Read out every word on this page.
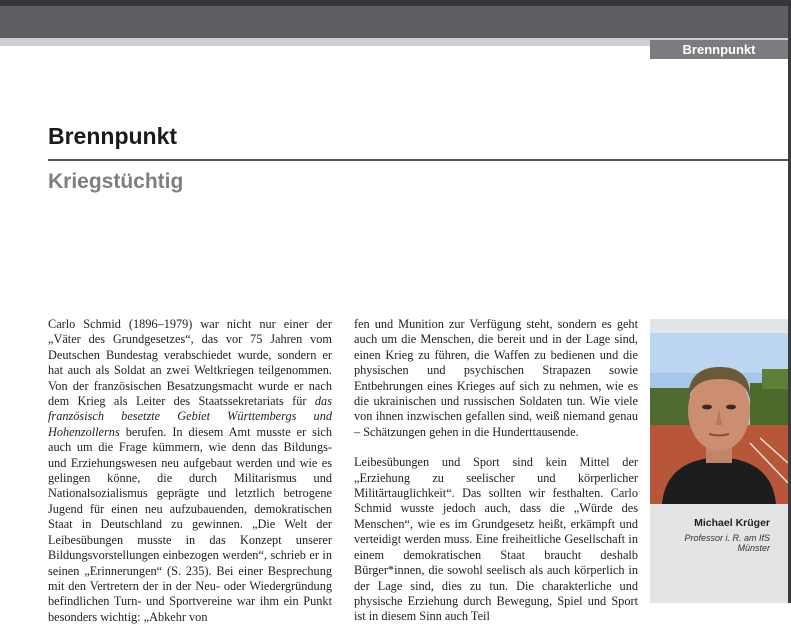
Brennpunkt
Brennpunkt
Kriegstüchtig

Carlo Schmid (1896–1979) war nicht nur einer der „Väter des Grundgesetzes“, das vor 75 Jahren vom Deutschen Bundestag verabschiedet wurde, sondern er hat auch als Soldat an zwei Weltkriegen teilgenommen. Von der französischen Besatzungsmacht wurde er nach dem Krieg als Leiter des Staatssekretariats für das französisch besetzte Gebiet Württembergs und Hohenzollerns berufen. In diesem Amt musste er sich auch um die Frage kümmern, wie denn das Bildungs- und Erziehungswesen neu aufgebaut werden und wie es gelingen könne, die durch Militarismus und Nationalsozialismus geprägte und letztlich betrogene Jugend für einen neu aufzubauenden, demokratischen Staat in Deutschland zu gewinnen. „Die Welt der Leibesübungen musste in das Konzept unserer Bildungsvorstellungen einbezogen werden“, schrieb er in seinen „Erinnerungen“ (S. 235). Bei einer Besprechung mit den Vertretern der in der Neu- oder Wiedergründung befindlichen Turn- und Sportvereine war ihm ein Punkt besonders wichtig: „Abkehr von

fen und Munition zur Verfügung steht, sondern es geht auch um die Menschen, die bereit und in der Lage sind, einen Krieg zu führen, die Waffen zu bedienen und die physischen und psychischen Strapazen sowie Entbehrungen eines Krieges auf sich zu nehmen, wie es die ukrainischen und russischen Soldaten tun. Wie viele von ihnen inzwischen gefallen sind, weiß niemand genau – Schätzungen gehen in die Hunderttausende.

Leibesübungen und Sport sind kein Mittel der „Erziehung zu seelischer und körperlicher Militärtauglichkeit“. Das sollten wir festhalten. Carlo Schmid wusste jedoch auch, dass die „Würde des Menschen“, wie es im Grundgesetz heißt, erkämpft und verteidigt werden muss. Eine freiheitliche Gesellschaft in einem demokratischen Staat braucht deshalb Bürger*innen, die sowohl seelisch als auch körperlich in der Lage sind, dies zu tun. Die charakterliche und physische Erziehung durch Bewegung, Spiel und Sport ist in diesem Sinn auch Teil

Michael Krüger
Professor i. R. am IfS Münster
